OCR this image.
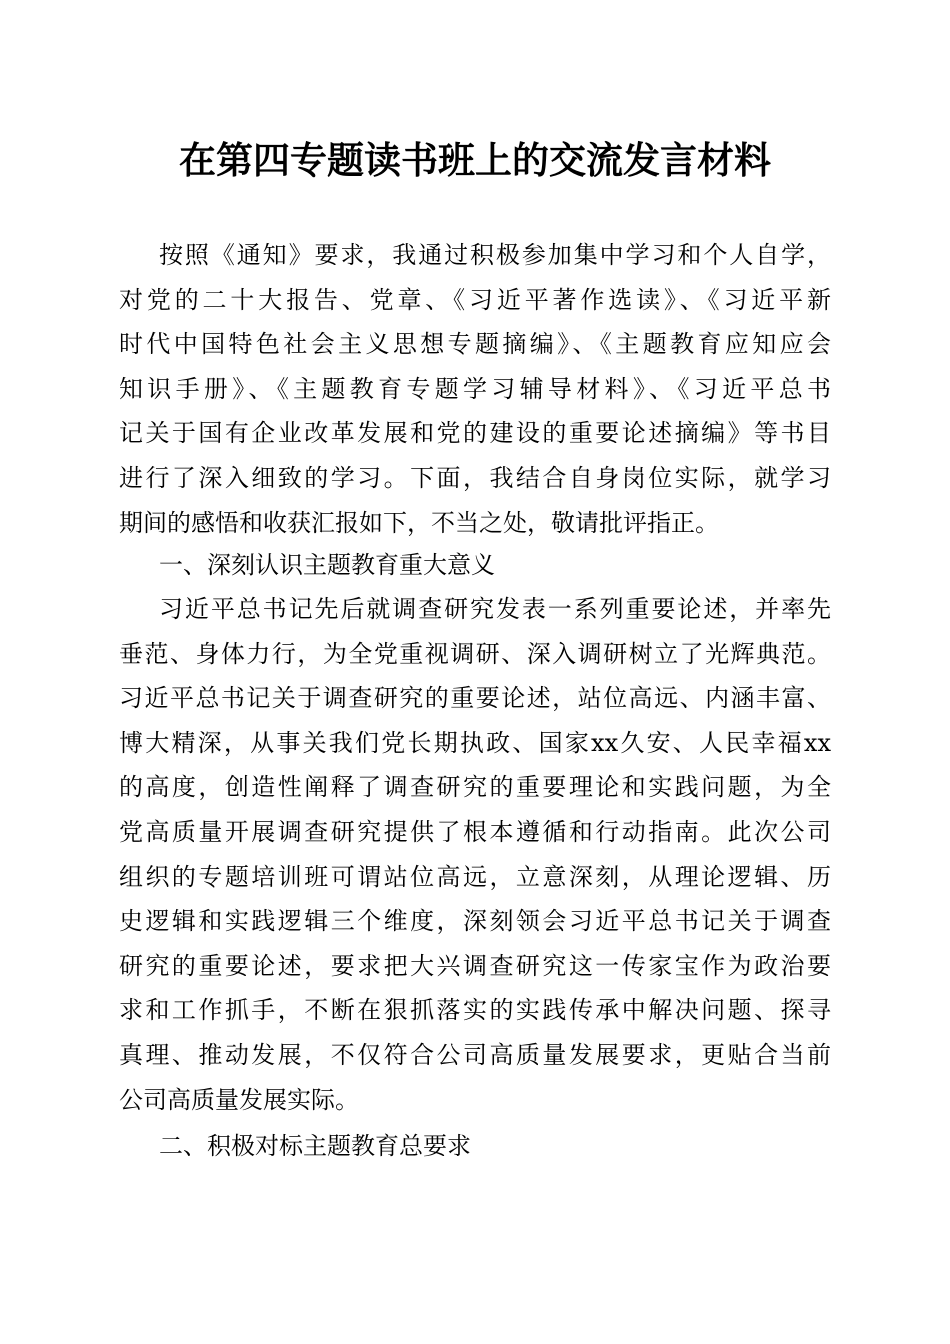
在第四专题读书班上的交流发言材料
按照《通知》要求，我通过积极参加集中学习和个人自学，
对党的二十大报告、党章、《习近平著作选读》、《习近平新
时代中国特色社会主义思想专题摘编》、《主题教育应知应会
知识手册》、《主题教育专题学习辅导材料》、《习近平总书
记关于国有企业改革发展和党的建设的重要论述摘编》等书目
进行了深入细致的学习。下面，我结合自身岗位实际，就学习
期间的感悟和收获汇报如下，不当之处，敬请批评指正。
一、深刻认识主题教育重大意义
习近平总书记先后就调查研究发表一系列重要论述，并率先
垂范、身体力行，为全党重视调研、深入调研树立了光辉典范。
习近平总书记关于调查研究的重要论述，站位高远、内涵丰富、
博大精深，从事关我们党长期执政、国家xx久安、人民幸福xx
的高度，创造性阐释了调查研究的重要理论和实践问题，为全
党高质量开展调查研究提供了根本遵循和行动指南。此次公司
组织的专题培训班可谓站位高远，立意深刻，从理论逻辑、历
史逻辑和实践逻辑三个维度，深刻领会习近平总书记关于调查
研究的重要论述，要求把大兴调查研究这一传家宝作为政治要
求和工作抓手，不断在狠抓落实的实践传承中解决问题、探寻
真理、推动发展，不仅符合公司高质量发展要求，更贴合当前
公司高质量发展实际。
二、积极对标主题教育总要求
